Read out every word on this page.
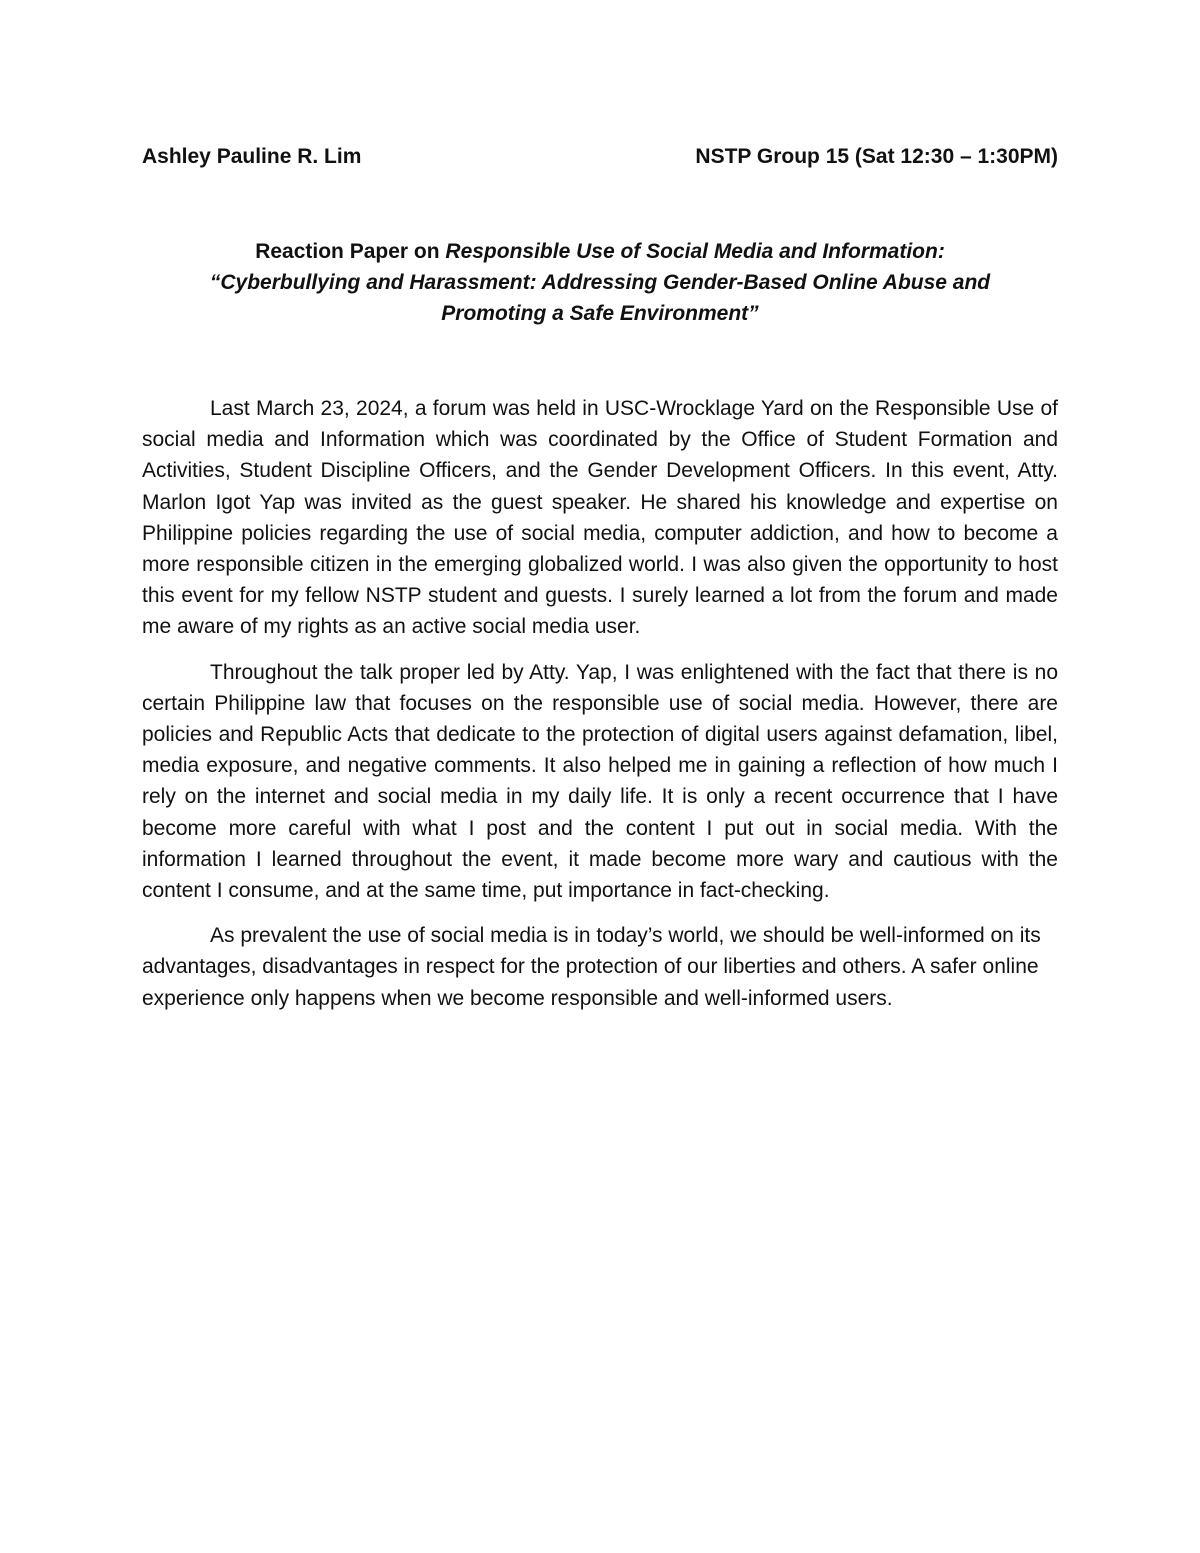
Ashley Pauline R. Lim	NSTP Group 15 (Sat 12:30 – 1:30PM)
Reaction Paper on Responsible Use of Social Media and Information:
“Cyberbullying and Harassment: Addressing Gender-Based Online Abuse and
Promoting a Safe Environment”

Last March 23, 2024, a forum was held in USC-Wrocklage Yard on the Responsible Use of social media and Information which was coordinated by the Office of Student Formation and Activities, Student Discipline Officers, and the Gender Development Officers. In this event, Atty. Marlon Igot Yap was invited as the guest speaker. He shared his knowledge and expertise on Philippine policies regarding the use of social media, computer addiction, and how to become a more responsible citizen in the emerging globalized world. I was also given the opportunity to host this event for my fellow NSTP student and guests. I surely learned a lot from the forum and made me aware of my rights as an active social media user.

Throughout the talk proper led by Atty. Yap, I was enlightened with the fact that there is no certain Philippine law that focuses on the responsible use of social media. However, there are policies and Republic Acts that dedicate to the protection of digital users against defamation, libel, media exposure, and negative comments. It also helped me in gaining a reflection of how much I rely on the internet and social media in my daily life. It is only a recent occurrence that I have become more careful with what I post and the content I put out in social media. With the information I learned throughout the event, it made become more wary and cautious with the content I consume, and at the same time, put importance in fact-checking.

As prevalent the use of social media is in today’s world, we should be well-informed on its advantages, disadvantages in respect for the protection of our liberties and others. A safer online experience only happens when we become responsible and well-informed users.
